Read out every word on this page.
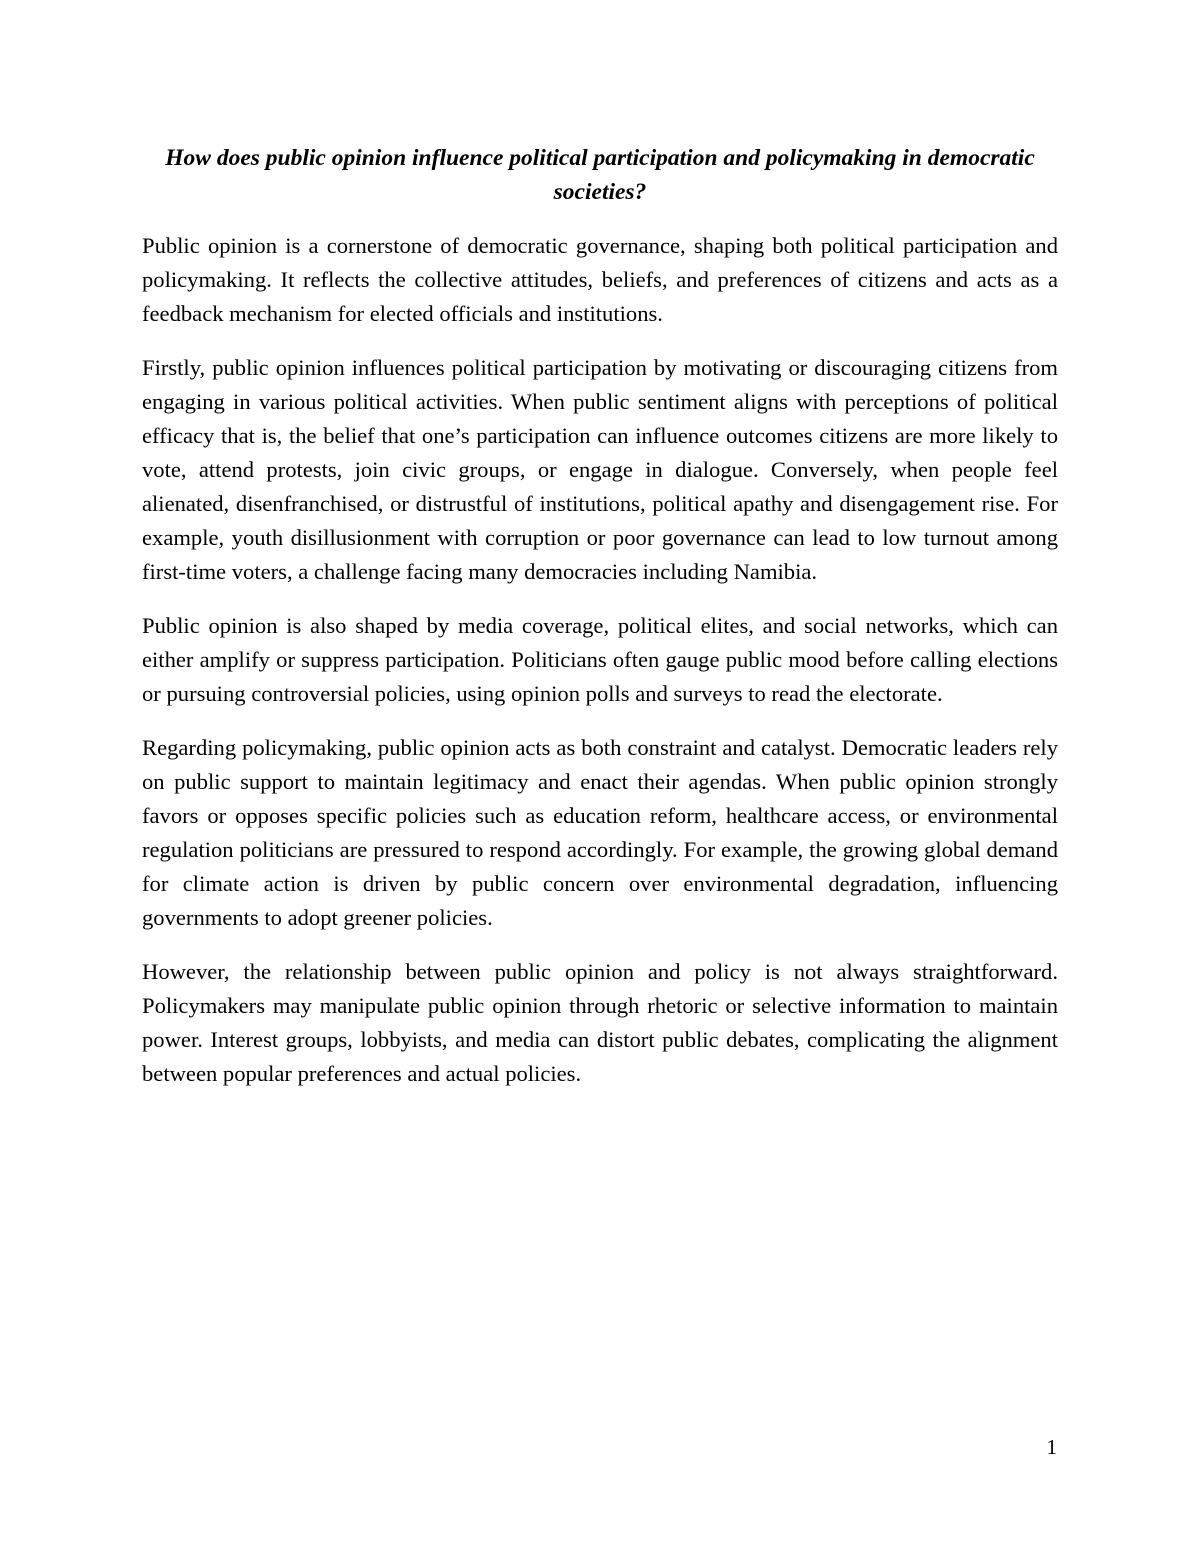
How does public opinion influence political participation and policymaking in democratic societies?

Public opinion is a cornerstone of democratic governance, shaping both political participation and policymaking. It reflects the collective attitudes, beliefs, and preferences of citizens and acts as a feedback mechanism for elected officials and institutions.

Firstly, public opinion influences political participation by motivating or discouraging citizens from engaging in various political activities. When public sentiment aligns with perceptions of political efficacy that is, the belief that one’s participation can influence outcomes citizens are more likely to vote, attend protests, join civic groups, or engage in dialogue. Conversely, when people feel alienated, disenfranchised, or distrustful of institutions, political apathy and disengagement rise. For example, youth disillusionment with corruption or poor governance can lead to low turnout among first-time voters, a challenge facing many democracies including Namibia.

Public opinion is also shaped by media coverage, political elites, and social networks, which can either amplify or suppress participation. Politicians often gauge public mood before calling elections or pursuing controversial policies, using opinion polls and surveys to read the electorate.

Regarding policymaking, public opinion acts as both constraint and catalyst. Democratic leaders rely on public support to maintain legitimacy and enact their agendas. When public opinion strongly favors or opposes specific policies such as education reform, healthcare access, or environmental regulation politicians are pressured to respond accordingly. For example, the growing global demand for climate action is driven by public concern over environmental degradation, influencing governments to adopt greener policies.

However, the relationship between public opinion and policy is not always straightforward. Policymakers may manipulate public opinion through rhetoric or selective information to maintain power. Interest groups, lobbyists, and media can distort public debates, complicating the alignment between popular preferences and actual policies.

1
